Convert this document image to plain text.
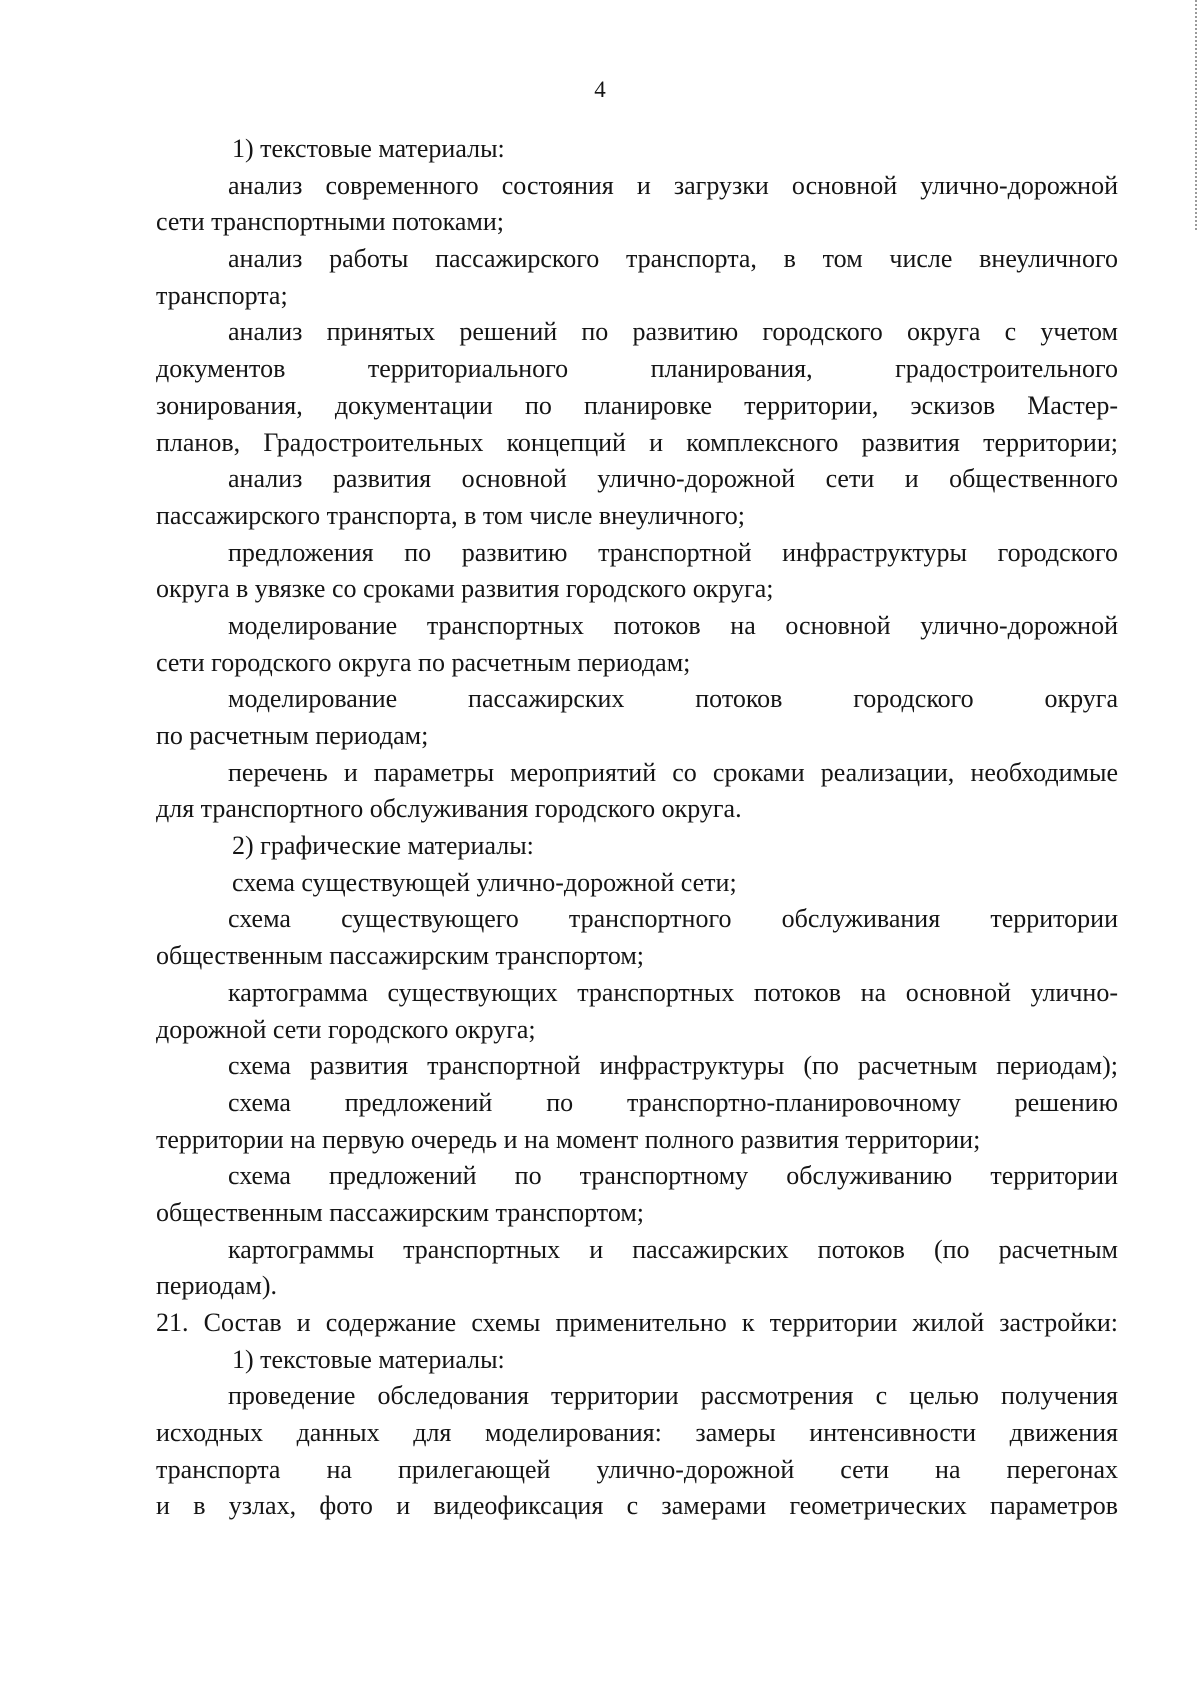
4
1) текстовые материалы:
анализ современного состояния и загрузки основной улично-дорожной
сети транспортными потоками;
анализ работы пассажирского транспорта, в том числе внеуличного
транспорта;
анализ принятых решений по развитию городского округа с учетом
документов территориального планирования, градостроительного
зонирования, документации по планировке территории, эскизов Мастер-
планов, Градостроительных концепций и комплексного развития территории;
анализ развития основной улично-дорожной сети и общественного
пассажирского транспорта, в том числе внеуличного;
предложения по развитию транспортной инфраструктуры городского
округа в увязке со сроками развития городского округа;
моделирование транспортных потоков на основной улично-дорожной
сети городского округа по расчетным периодам;
моделирование пассажирских потоков городского округа
по расчетным периодам;
перечень и параметры мероприятий со сроками реализации, необходимые
для транспортного обслуживания городского округа.
2) графические материалы:
схема существующей улично-дорожной сети;
схема существующего транспортного обслуживания территории
общественным пассажирским транспортом;
картограмма существующих транспортных потоков на основной улично-
дорожной сети городского округа;
схема развития транспортной инфраструктуры (по расчетным периодам);
схема предложений по транспортно-планировочному решению
территории на первую очередь и на момент полного развития территории;
схема предложений по транспортному обслуживанию территории
общественным пассажирским транспортом;
картограммы транспортных и пассажирских потоков (по расчетным
периодам).
21. Состав и содержание схемы применительно к территории жилой застройки:
1) текстовые материалы:
проведение обследования территории рассмотрения с целью получения
исходных данных для моделирования: замеры интенсивности движения
транспорта на прилегающей улично-дорожной сети на перегонах
и в узлах, фото и видеофиксация с замерами геометрических параметров
